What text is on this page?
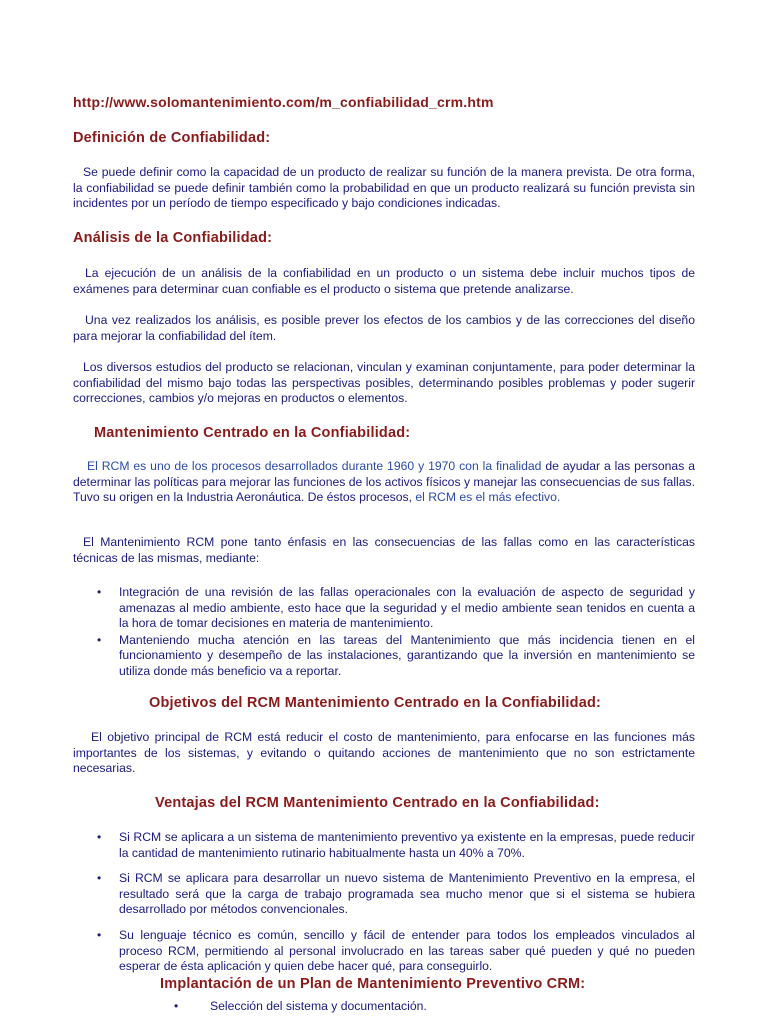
http://www.solomantenimiento.com/m_confiabilidad_crm.htm
Definición de Confiabilidad:

Se puede definir como la capacidad de un producto de realizar su función de la manera prevista. De otra forma, la confiabilidad se puede definir también como la probabilidad en que un producto realizará su función prevista sin incidentes por un período de tiempo especificado y bajo condiciones indicadas.

Análisis de la Confiabilidad:

La ejecución de un análisis de la confiabilidad en un producto o un sistema debe incluir muchos tipos de exámenes para determinar cuan confiable es el producto o sistema que pretende analizarse.

Una vez realizados los análisis, es posible prever los efectos de los cambios y de las correcciones del diseño para mejorar la confiabilidad del ítem.

Los diversos estudios del producto se relacionan, vinculan y examinan conjuntamente, para poder determinar la confiabilidad del mismo bajo todas las perspectivas posibles, determinando posibles problemas y poder sugerir correcciones, cambios y/o mejoras en productos o elementos.

Mantenimiento Centrado en la Confiabilidad:

El RCM es uno de los procesos desarrollados durante 1960 y 1970 con la finalidad de ayudar a las personas a determinar las políticas para mejorar las funciones de los activos físicos y manejar las consecuencias de sus fallas. Tuvo su origen en la Industria Aeronáutica. De éstos procesos, el RCM es el más efectivo.

El Mantenimiento RCM pone tanto énfasis en las consecuencias de las fallas como en las características técnicas de las mismas, mediante:

• Integración de una revisión de las fallas operacionales con la evaluación de aspecto de seguridad y amenazas al medio ambiente, esto hace que la seguridad y el medio ambiente sean tenidos en cuenta a la hora de tomar decisiones en materia de mantenimiento.
• Manteniendo mucha atención en las tareas del Mantenimiento que más incidencia tienen en el funcionamiento y desempeño de las instalaciones, garantizando que la inversión en mantenimiento se utiliza donde más beneficio va a reportar.
Objetivos del RCM Mantenimiento Centrado en la Confiabilidad:

El objetivo principal de RCM está reducir el costo de mantenimiento, para enfocarse en las funciones más importantes de los sistemas, y evitando o quitando acciones de mantenimiento que no son estrictamente necesarias.

Ventajas del RCM Mantenimiento Centrado en la Confiabilidad:
• Si RCM se aplicara a un sistema de mantenimiento preventivo ya existente en la empresas, puede reducir la cantidad de mantenimiento rutinario habitualmente hasta un 40% a 70%.
• Si RCM se aplicara para desarrollar un nuevo sistema de Mantenimiento Preventivo en la empresa, el resultado será que la carga de trabajo programada sea mucho menor que si el sistema se hubiera desarrollado por métodos convencionales.
• Su lenguaje técnico es común, sencillo y fácil de entender para todos los empleados vinculados al proceso RCM, permitiendo al personal involucrado en las tareas saber qué pueden y qué no pueden esperar de ésta aplicación y quien debe hacer qué, para conseguirlo.
Implantación de un Plan de Mantenimiento Preventivo CRM:
•	Selección del sistema y documentación.
